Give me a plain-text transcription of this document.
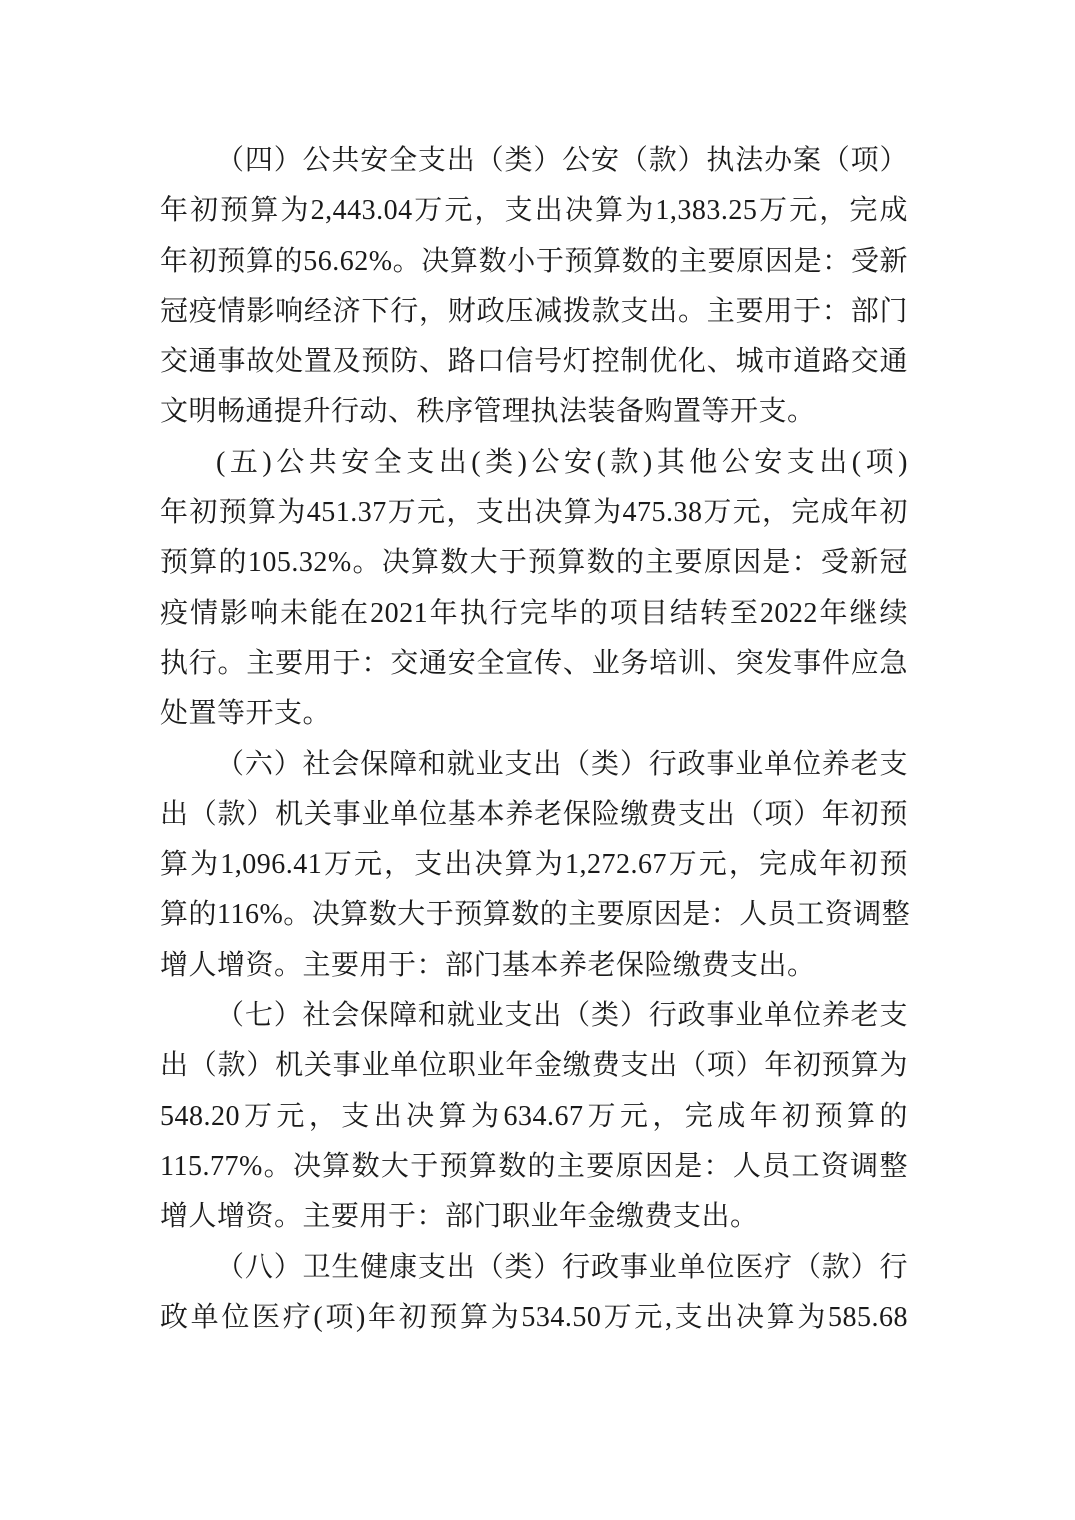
（四）公共安全支出（类）公安（款）执法办案（项）
年初预算为2,443.04万元，支出决算为1,383.25万元，完成
年初预算的56.62%。决算数小于预算数的主要原因是：受新
冠疫情影响经济下行，财政压减拨款支出。主要用于：部门
交通事故处置及预防、路口信号灯控制优化、城市道路交通
文明畅通提升行动、秩序管理执法装备购置等开支。
(五)公共安全支出(类)公安(款)其他公安支出(项)
年初预算为451.37万元，支出决算为475.38万元，完成年初
预算的105.32%。决算数大于预算数的主要原因是：受新冠
疫情影响未能在2021年执行完毕的项目结转至2022年继续
执行。主要用于：交通安全宣传、业务培训、突发事件应急
处置等开支。
（六）社会保障和就业支出（类）行政事业单位养老支
出（款）机关事业单位基本养老保险缴费支出（项）年初预
算为1,096.41万元，支出决算为1,272.67万元，完成年初预
算的116%。决算数大于预算数的主要原因是：人员工资调整
增人增资。主要用于：部门基本养老保险缴费支出。
（七）社会保障和就业支出（类）行政事业单位养老支
出（款）机关事业单位职业年金缴费支出（项）年初预算为
548.20万元，支出决算为634.67万元，完成年初预算的
115.77%。决算数大于预算数的主要原因是：人员工资调整
增人增资。主要用于：部门职业年金缴费支出。
（八）卫生健康支出（类）行政事业单位医疗（款）行
政单位医疗(项)年初预算为534.50万元,支出决算为585.68
